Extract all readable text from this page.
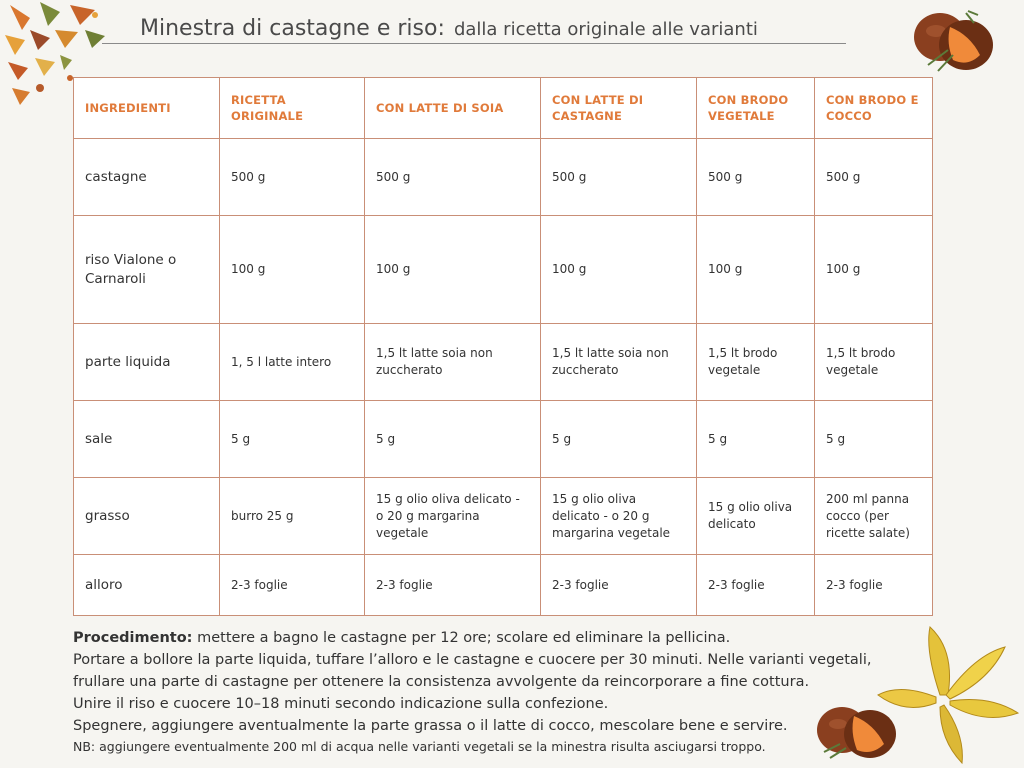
Minestra di castagne e riso: dalla ricetta originale alle varianti
INGREDIENTI	RICETTA ORIGINALE	CON LATTE DI SOIA	CON LATTE DI CASTAGNE	CON BRODO VEGETALE	CON BRODO E COCCO
castagne	500 g	500 g	500 g	500 g	500 g
riso Vialone o Carnaroli	100 g	100 g	100 g	100 g	100 g
parte liquida	1, 5 l latte intero	1,5 lt latte soia non zuccherato	1,5 lt latte soia non zuccherato	1,5 lt brodo vegetale	1,5 lt brodo vegetale
sale	5 g	5 g	5 g	5 g	5 g
grasso	burro 25 g	15 g olio oliva delicato - o 20 g margarina vegetale	15 g olio oliva delicato - o 20 g margarina vegetale	15 g olio oliva delicato	200 ml panna cocco (per ricette salate)
alloro	2-3 foglie	2-3 foglie	2-3 foglie	2-3 foglie	2-3 foglie

Procedimento: mettere a bagno le castagne per 12 ore; scolare ed eliminare la pellicina.

Portare a bollore la parte liquida, tuffare l’alloro e le castagne e cuocere per 30 minuti. Nelle varianti vegetali,

frullare una parte di castagne per ottenere la consistenza avvolgente da reincorporare a fine cottura.

Unire il riso e cuocere 10–18 minuti secondo indicazione sulla confezione.

Spegnere, aggiungere aventualmente la parte grassa o il latte di cocco, mescolare bene e servire.

NB: aggiungere eventualmente 200 ml di acqua nelle varianti vegetali se la minestra risulta asciugarsi troppo.
